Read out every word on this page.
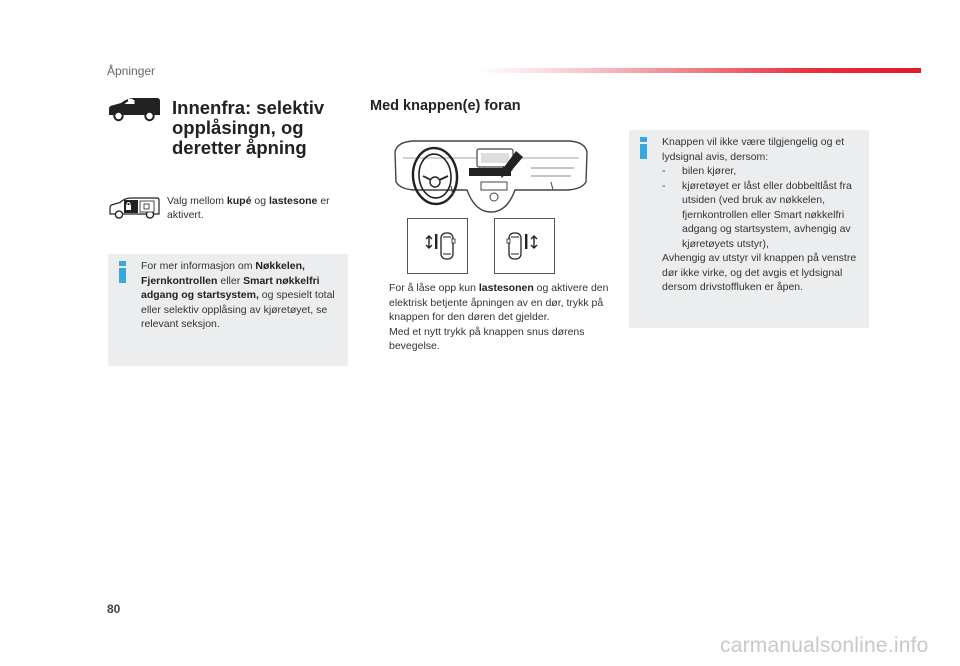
Åpninger
Innenfra: selektiv opplåsingn, og deretter åpning
Valg mellom kupé og lastesone er aktivert.
For mer informasjon om Nøkkelen, Fjernkontrollen eller Smart nøkkelfri adgang og startsystem, og spesielt total eller selektiv opplåsing av kjøretøyet, se relevant seksjon.
Med knappen(e) foran
For å låse opp kun lastesonen og aktivere den elektrisk betjente åpningen av en dør, trykk på knappen for den døren det gjelder.
Med et nytt trykk på knappen snus dørens bevegelse.
Knappen vil ikke være tilgjengelig og et lydsignal avis, dersom:
- bilen kjører,
- kjøretøyet er låst eller dobbeltlåst fra utsiden (ved bruk av nøkkelen, fjernkontrollen eller Smart nøkkelfri adgang og startsystem, avhengig av kjøretøyets utstyr),
Avhengig av utstyr vil knappen på venstre dør ikke virke, og det avgis et lydsignal dersom drivstoffluken er åpen.
80
carmanualsonline.info
